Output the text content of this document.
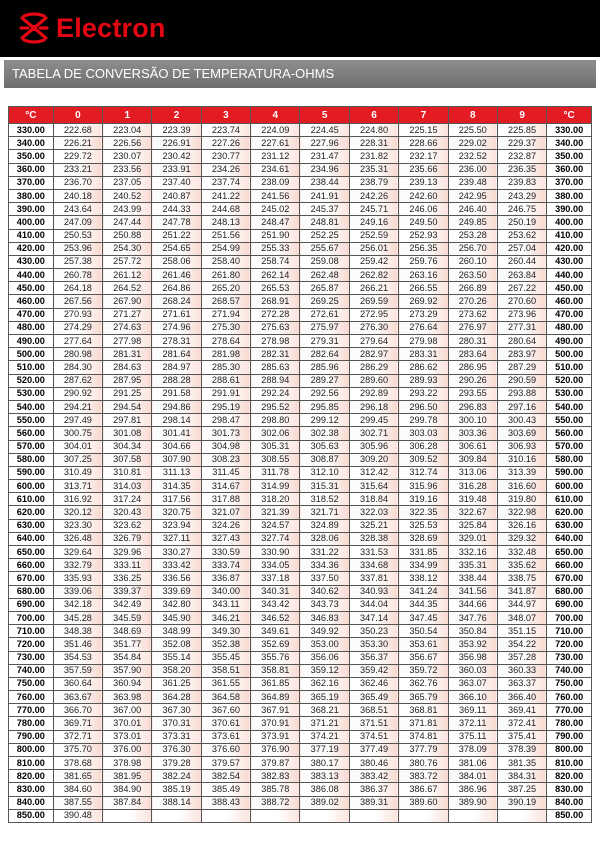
Electron
TABELA DE CONVERSÃO DE TEMPERATURA-OHMS
°C	0	1	2	3	4	5	6	7	8	9	°C
330.00	222.68	223.04	223.39	223.74	224.09	224.45	224.80	225.15	225.50	225.85	330.00
340.00	226.21	226.56	226.91	227.26	227.61	227.96	228.31	228.66	229.02	229.37	340.00
350.00	229.72	230.07	230.42	230.77	231.12	231.47	231.82	232.17	232.52	232.87	350.00
360.00	233.21	233.56	233.91	234.26	234.61	234.96	235.31	235.66	236.00	236.35	360.00
370.00	236.70	237.05	237.40	237.74	238.09	238.44	238.79	239.13	239.48	239.83	370.00
380.00	240.18	240.52	240.87	241.22	241.56	241.91	242.26	242.60	242.95	243.29	380.00
390.00	243.64	243.99	244.33	244.68	245.02	245.37	245.71	246.06	246.40	246.75	390.00
400.00	247.09	247.44	247.78	248.13	248.47	248.81	249.16	249.50	249.85	250.19	400.00
410.00	250.53	250.88	251.22	251.56	251.90	252.25	252.59	252.93	253.28	253.62	410.00
420.00	253.96	254.30	254.65	254.99	255.33	255.67	256.01	256.35	256.70	257.04	420.00
430.00	257.38	257.72	258.06	258.40	258.74	259.08	259.42	259.76	260.10	260.44	430.00
440.00	260.78	261.12	261.46	261.80	262.14	262.48	262.82	263.16	263.50	263.84	440.00
450.00	264.18	264.52	264.86	265.20	265.53	265.87	266.21	266.55	266.89	267.22	450.00
460.00	267.56	267.90	268.24	268.57	268.91	269.25	269.59	269.92	270.26	270.60	460.00
470.00	270.93	271.27	271.61	271.94	272.28	272.61	272.95	273.29	273.62	273.96	470.00
480.00	274.29	274.63	274.96	275.30	275.63	275.97	276.30	276.64	276.97	277.31	480.00
490.00	277.64	277.98	278.31	278.64	278.98	279.31	279.64	279.98	280.31	280.64	490.00
500.00	280.98	281.31	281.64	281.98	282.31	282.64	282.97	283.31	283.64	283.97	500.00
510.00	284.30	284.63	284.97	285.30	285.63	285.96	286.29	286.62	286.95	287.29	510.00
520.00	287.62	287.95	288.28	288.61	288.94	289.27	289.60	289.93	290.26	290.59	520.00
530.00	290.92	291.25	291.58	291.91	292.24	292.56	292.89	293.22	293.55	293.88	530.00
540.00	294.21	294.54	294.86	295.19	295.52	295.85	296.18	296.50	296.83	297.16	540.00
550.00	297.49	297.81	298.14	298.47	298.80	299.12	299.45	299.78	300.10	300.43	550.00
560.00	300.75	301.08	301.41	301.73	302.06	302.38	302.71	303.03	303.36	303.69	560.00
570.00	304.01	304.34	304.66	304.98	305.31	305.63	305.96	306.28	306.61	306.93	570.00
580.00	307.25	307.58	307.90	308.23	308.55	308.87	309.20	309.52	309.84	310.16	580.00
590.00	310.49	310.81	311.13	311.45	311.78	312.10	312.42	312.74	313.06	313.39	590.00
600.00	313.71	314.03	314.35	314.67	314.99	315.31	315.64	315.96	316.28	316.60	600.00
610.00	316.92	317.24	317.56	317.88	318.20	318.52	318.84	319.16	319.48	319.80	610.00
620.00	320.12	320.43	320.75	321.07	321.39	321.71	322.03	322.35	322.67	322.98	620.00
630.00	323.30	323.62	323.94	324.26	324.57	324.89	325.21	325.53	325.84	326.16	630.00
640.00	326.48	326.79	327.11	327.43	327.74	328.06	328.38	328.69	329.01	329.32	640.00
650.00	329.64	329.96	330.27	330.59	330.90	331.22	331.53	331.85	332.16	332.48	650.00
660.00	332.79	333.11	333.42	333.74	334.05	334.36	334.68	334.99	335.31	335.62	660.00
670.00	335.93	336.25	336.56	336.87	337.18	337.50	337.81	338.12	338.44	338.75	670.00
680.00	339.06	339.37	339.69	340.00	340.31	340.62	340.93	341.24	341.56	341.87	680.00
690.00	342.18	342.49	342.80	343.11	343.42	343.73	344.04	344.35	344.66	344.97	690.00
700.00	345.28	345.59	345.90	346.21	346.52	346.83	347.14	347.45	347.76	348.07	700.00
710.00	348.38	348.69	348.99	349.30	349.61	349.92	350.23	350.54	350.84	351.15	710.00
720.00	351.46	351.77	352.08	352.38	352.69	353.00	353.30	353.61	353.92	354.22	720.00
730.00	354.53	354.84	355.14	355.45	355.76	356.06	356.37	356.67	356.98	357.28	730.00
740.00	357.59	357.90	358.20	358.51	358.81	359.12	359.42	359.72	360.03	360.33	740.00
750.00	360.64	360.94	361.25	361.55	361.85	362.16	362.46	362.76	363.07	363.37	750.00
760.00	363.67	363.98	364.28	364.58	364.89	365.19	365.49	365.79	366.10	366.40	760.00
770.00	366.70	367.00	367.30	367.60	367.91	368.21	368.51	368.81	369.11	369.41	770.00
780.00	369.71	370.01	370.31	370.61	370.91	371.21	371.51	371.81	372.11	372.41	780.00
790.00	372.71	373.01	373.31	373.61	373.91	374.21	374.51	374.81	375.11	375.41	790.00
800.00	375.70	376.00	376.30	376.60	376.90	377.19	377.49	377.79	378.09	378.39	800.00
810.00	378.68	378.98	379.28	379.57	379.87	380.17	380.46	380.76	381.06	381.35	810.00
820.00	381.65	381.95	382.24	382.54	382.83	383.13	383.42	383.72	384.01	384.31	820.00
830.00	384.60	384.90	385.19	385.49	385.78	386.08	386.37	386.67	386.96	387.25	830.00
840.00	387.55	387.84	388.14	388.43	388.72	389.02	389.31	389.60	389.90	390.19	840.00
850.00	390.48										850.00
